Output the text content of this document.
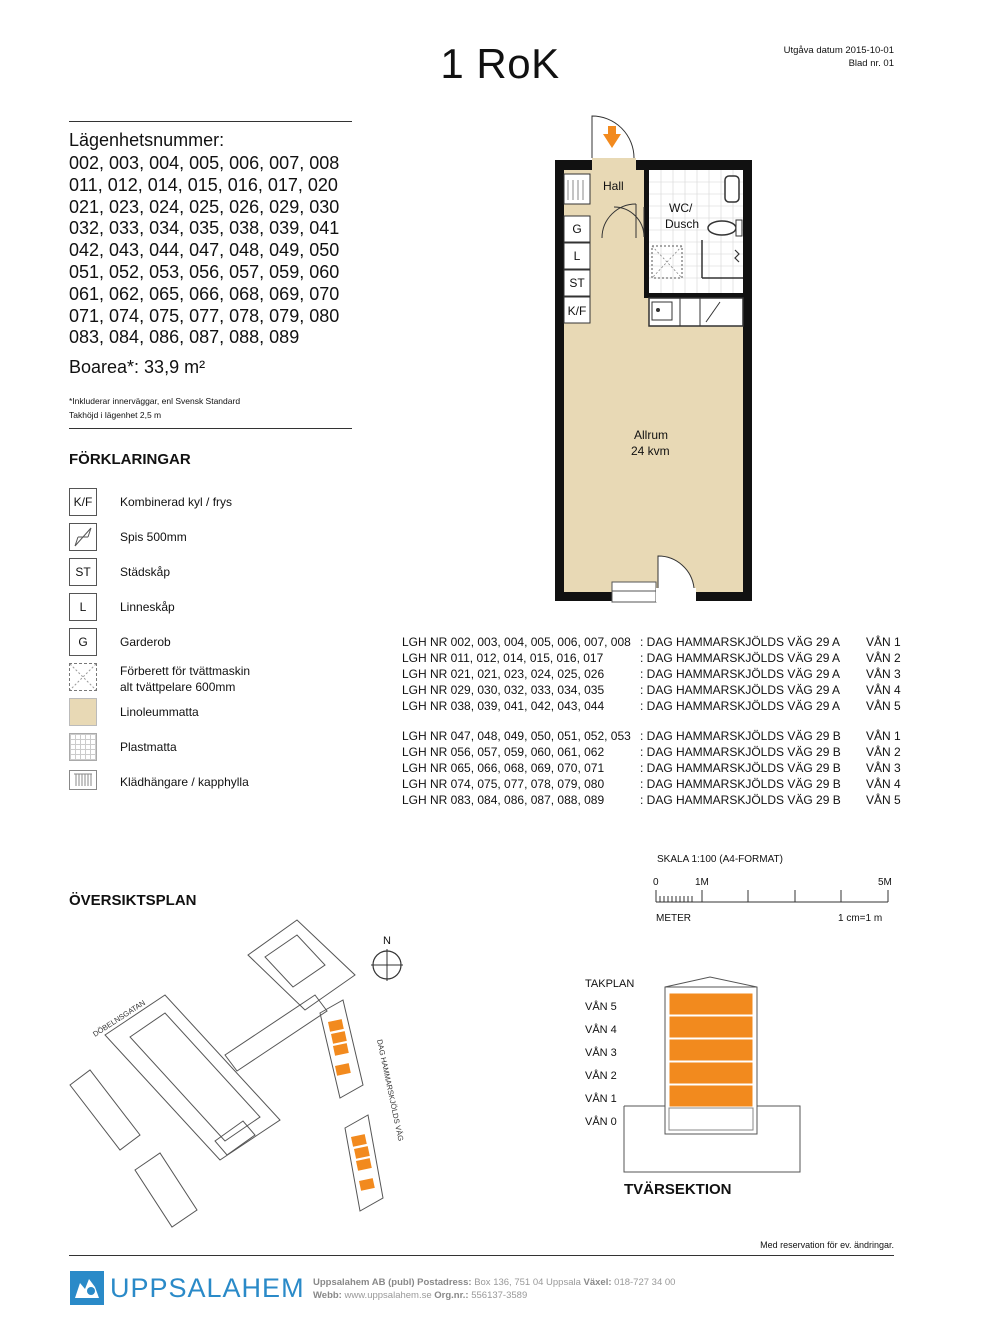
1 RoK	Utgåva datum 2015-10-01
Blad nr. 01
Lägenhetsnummer:
002, 003, 004, 005, 006, 007, 008
011, 012, 014, 015, 016, 017, 020
021, 023, 024, 025, 026, 029, 030
032, 033, 034, 035, 038, 039, 041
042, 043, 044, 047, 048, 049, 050
051, 052, 053, 056, 057, 059, 060
061, 062, 065, 066, 068, 069, 070
071, 074, 075, 077, 078, 079, 080
083, 084, 086, 087, 088, 089
Boarea*: 33,9 m²
*Inkluderar innerväggar, enl Svensk Standard
Takhöjd i lägenhet 2,5 m
FÖRKLARINGAR
K/F	Kombinerad kyl / frys
Spis 500mm
ST	Städskåp
L	Linneskåp
G	Garderob
Förberett för tvättmaskin
alt tvättpelare 600mm
Linoleummatta
Plastmatta
Klädhängare / kapphylla
Hall
WC/
Dusch
Allrum
24 kvm
G
L
ST
K/F
LGH NR 002, 003, 004, 005, 006, 007, 008 : DAG HAMMARSKJÖLDS VÄG 29 A VÅN 1
LGH NR 011, 012, 014, 015, 016, 017	: DAG HAMMARSKJÖLDS VÄG 29 A VÅN 2
LGH NR 021, 021, 023, 024, 025, 026	: DAG HAMMARSKJÖLDS VÄG 29 A VÅN 3
LGH NR 029, 030, 032, 033, 034, 035	: DAG HAMMARSKJÖLDS VÄG 29 A VÅN 4
LGH NR 038, 039, 041, 042, 043, 044	: DAG HAMMARSKJÖLDS VÄG 29 A VÅN 5
LGH NR 047, 048, 049, 050, 051, 052, 053 : DAG HAMMARSKJÖLDS VÄG 29 B VÅN 1
LGH NR 056, 057, 059, 060, 061, 062	: DAG HAMMARSKJÖLDS VÄG 29 B VÅN 2
LGH NR 065, 066, 068, 069, 070, 071	: DAG HAMMARSKJÖLDS VÄG 29 B VÅN 3
LGH NR 074, 075, 077, 078, 079, 080	: DAG HAMMARSKJÖLDS VÄG 29 B VÅN 4
LGH NR 083, 084, 086, 087, 088, 089	: DAG HAMMARSKJÖLDS VÄG 29 B VÅN 5
SKALA 1:100 (A4-FORMAT)
0	1M	5M
METER	1 cm=1 m
ÖVERSIKTSPLAN
N
DÖBELNSGATAN
DAG HAMMARSKJÖLDS VÄG
TAKPLAN
VÅN 5
VÅN 4
VÅN 3
VÅN 2
VÅN 1
VÅN 0
TVÄRSEKTION
Med reservation för ev. ändringar.
UPPSALAHEM Uppsalahem AB (publ) Postadress: Box 136, 751 04 Uppsala Växel: 018-727 34 00
Webb: www.uppsalahem.se Org.nr.: 556137-3589
